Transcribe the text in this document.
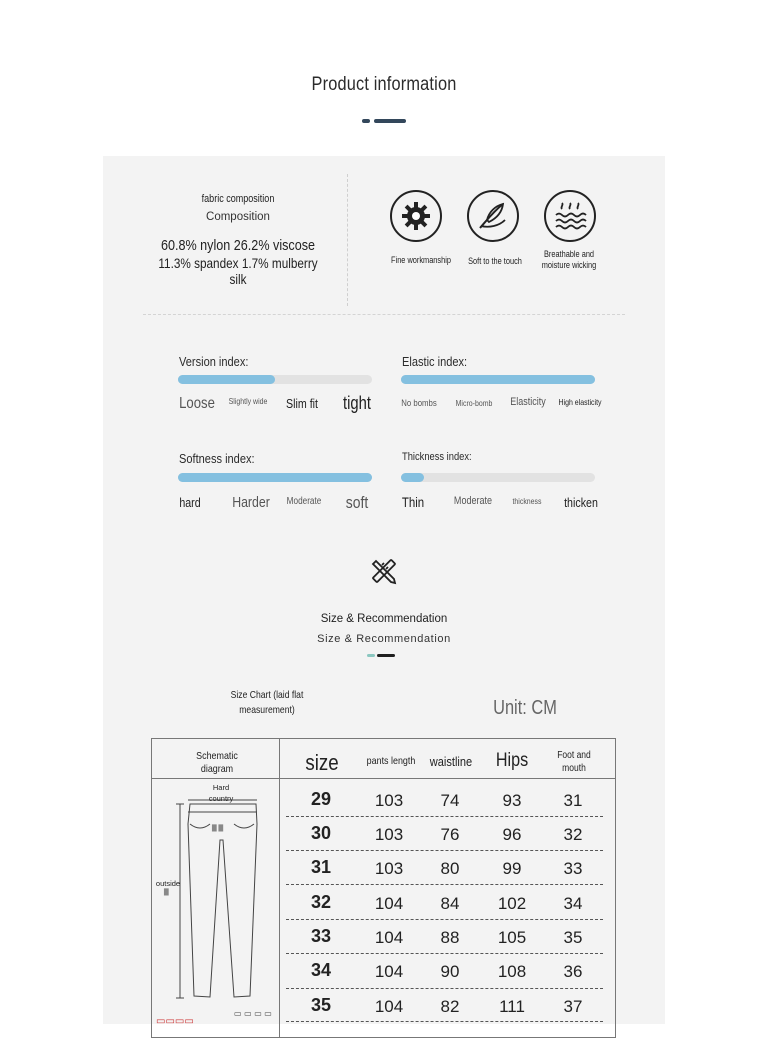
Product information
fabric composition
Composition
60.8% nylon 26.2% viscose
11.3% spandex 1.7% mulberry silk
Fine workmanship	Soft to the touch
Breathable and moisture wicking
Version index:
Loose	Slightly wide	Slim fit tight
Elastic index:
No bombs Micro-bomb Elasticity	High elasticity
Softness index:
hard	Harder Moderate	soft
Thickness index:
Thin	Moderate	thickness thicken
Size & Recommendation
Size & Recommendation
Size Chart (laid flat measurement)	Unit: CM
Schematic diagram	size	pants length	waistline	Hips	Foot and mouth
█ █
█
▭ ▭ ▭ ▭
▭▭▭▭
Hard country
outside
29	103	74	93	31
30	103	76	96	32
31	103	80	99	33
32	104	84	102	34
33	104	88	105	35
34	104	90	108	36
35	104	82	111	37
